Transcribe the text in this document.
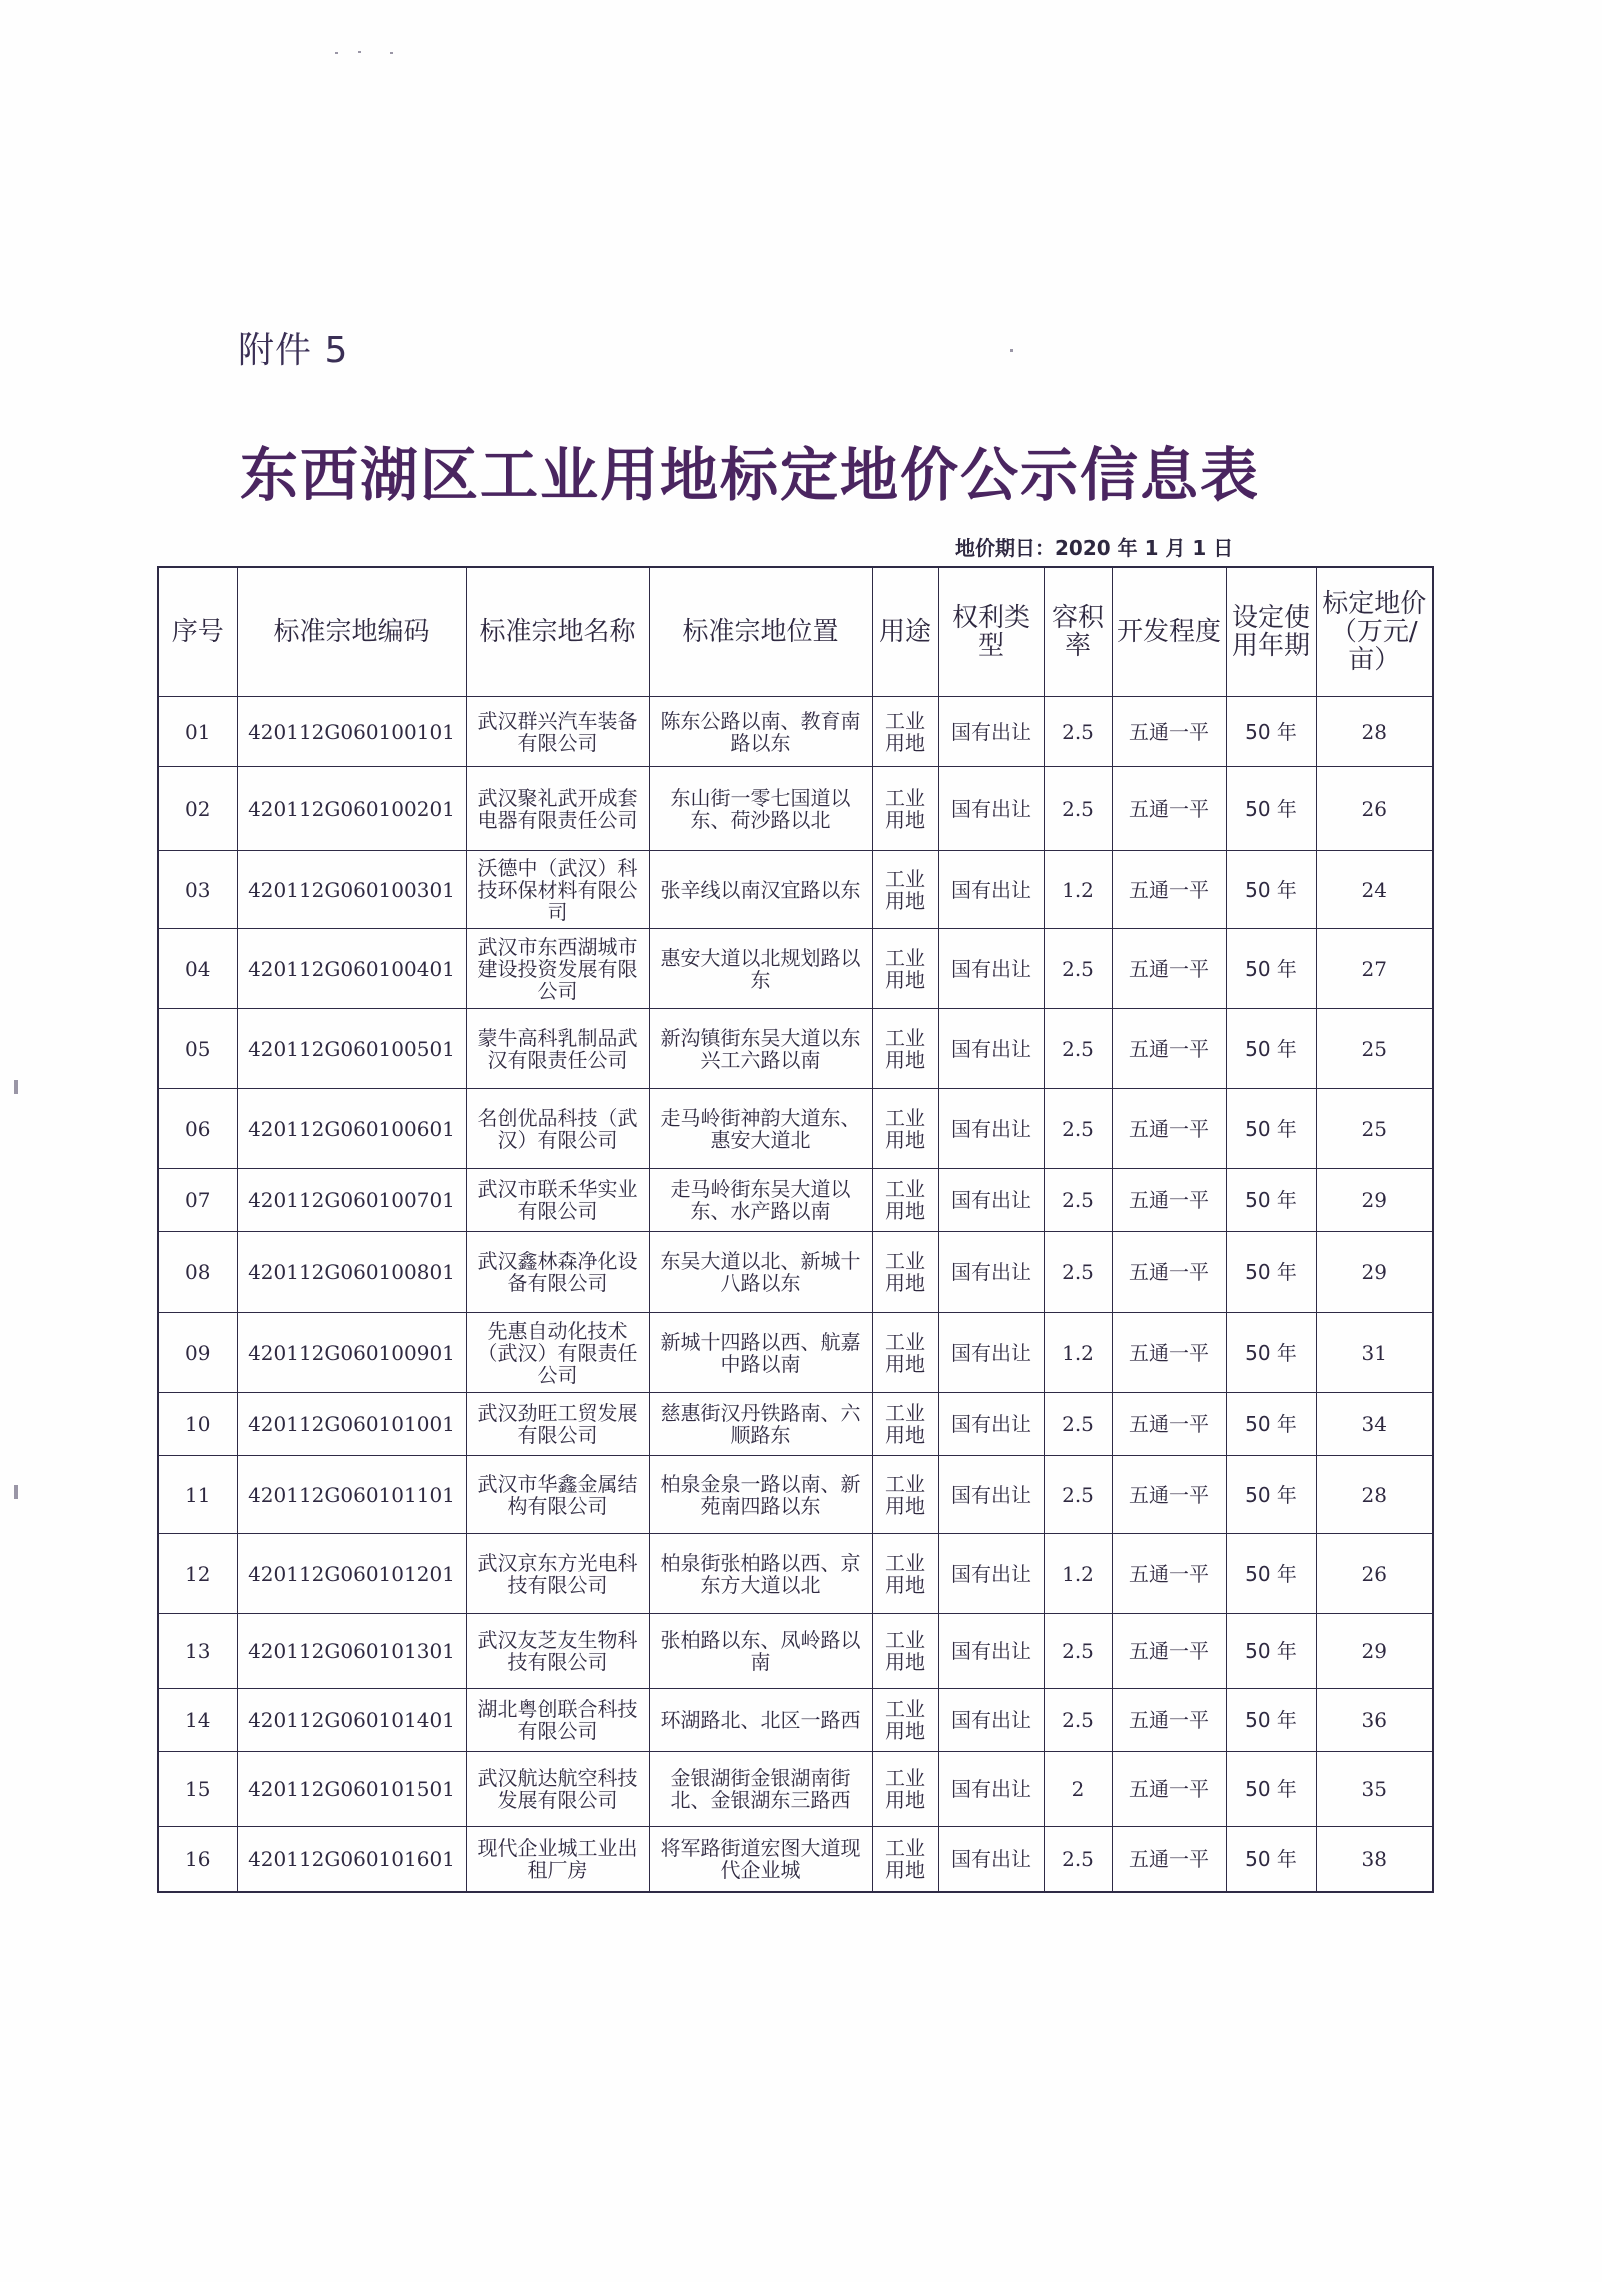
附件 5
东西湖区工业用地标定地价公示信息表
地价期日：2020 年 1 月 1 日
序号	标准宗地编码	标准宗地名称	标准宗地位置	用途	权利类型	容积率	开发程度	设定使用年期	标定地价（万元/亩）
01	420112G060100101	武汉群兴汽车装备有限公司	陈东公路以南、教育南路以东	工业用地	国有出让	2.5	五通一平	50 年	28
02	420112G060100201	武汉聚礼武开成套电器有限责任公司	东山街一零七国道以东、荷沙路以北	工业用地	国有出让	2.5	五通一平	50 年	26
03	420112G060100301	沃德中（武汉）科技环保材料有限公司	张辛线以南汉宜路以东	工业用地	国有出让	1.2	五通一平	50 年	24
04	420112G060100401	武汉市东西湖城市建设投资发展有限公司	惠安大道以北规划路以东	工业用地	国有出让	2.5	五通一平	50 年	27
05	420112G060100501	蒙牛高科乳制品武汉有限责任公司	新沟镇街东吴大道以东兴工六路以南	工业用地	国有出让	2.5	五通一平	50 年	25
06	420112G060100601	名创优品科技（武汉）有限公司	走马岭街神韵大道东、惠安大道北	工业用地	国有出让	2.5	五通一平	50 年	25
07	420112G060100701	武汉市联禾华实业有限公司	走马岭街东吴大道以东、水产路以南	工业用地	国有出让	2.5	五通一平	50 年	29
08	420112G060100801	武汉鑫林森净化设备有限公司	东吴大道以北、新城十八路以东	工业用地	国有出让	2.5	五通一平	50 年	29
09	420112G060100901	先惠自动化技术（武汉）有限责任公司	新城十四路以西、航嘉中路以南	工业用地	国有出让	1.2	五通一平	50 年	31
10	420112G060101001	武汉劲旺工贸发展有限公司	慈惠街汉丹铁路南、六顺路东	工业用地	国有出让	2.5	五通一平	50 年	34
11	420112G060101101	武汉市华鑫金属结构有限公司	柏泉金泉一路以南、新苑南四路以东	工业用地	国有出让	2.5	五通一平	50 年	28
12	420112G060101201	武汉京东方光电科技有限公司	柏泉街张柏路以西、京东方大道以北	工业用地	国有出让	1.2	五通一平	50 年	26
13	420112G060101301	武汉友芝友生物科技有限公司	张柏路以东、凤岭路以南	工业用地	国有出让	2.5	五通一平	50 年	29
14	420112G060101401	湖北粤创联合科技有限公司	环湖路北、北区一路西	工业用地	国有出让	2.5	五通一平	50 年	36
15	420112G060101501	武汉航达航空科技发展有限公司	金银湖街金银湖南街北、金银湖东三路西	工业用地	国有出让	2	五通一平	50 年	35
16	420112G060101601	现代企业城工业出租厂房	将军路街道宏图大道现代企业城	工业用地	国有出让	2.5	五通一平	50 年	38
